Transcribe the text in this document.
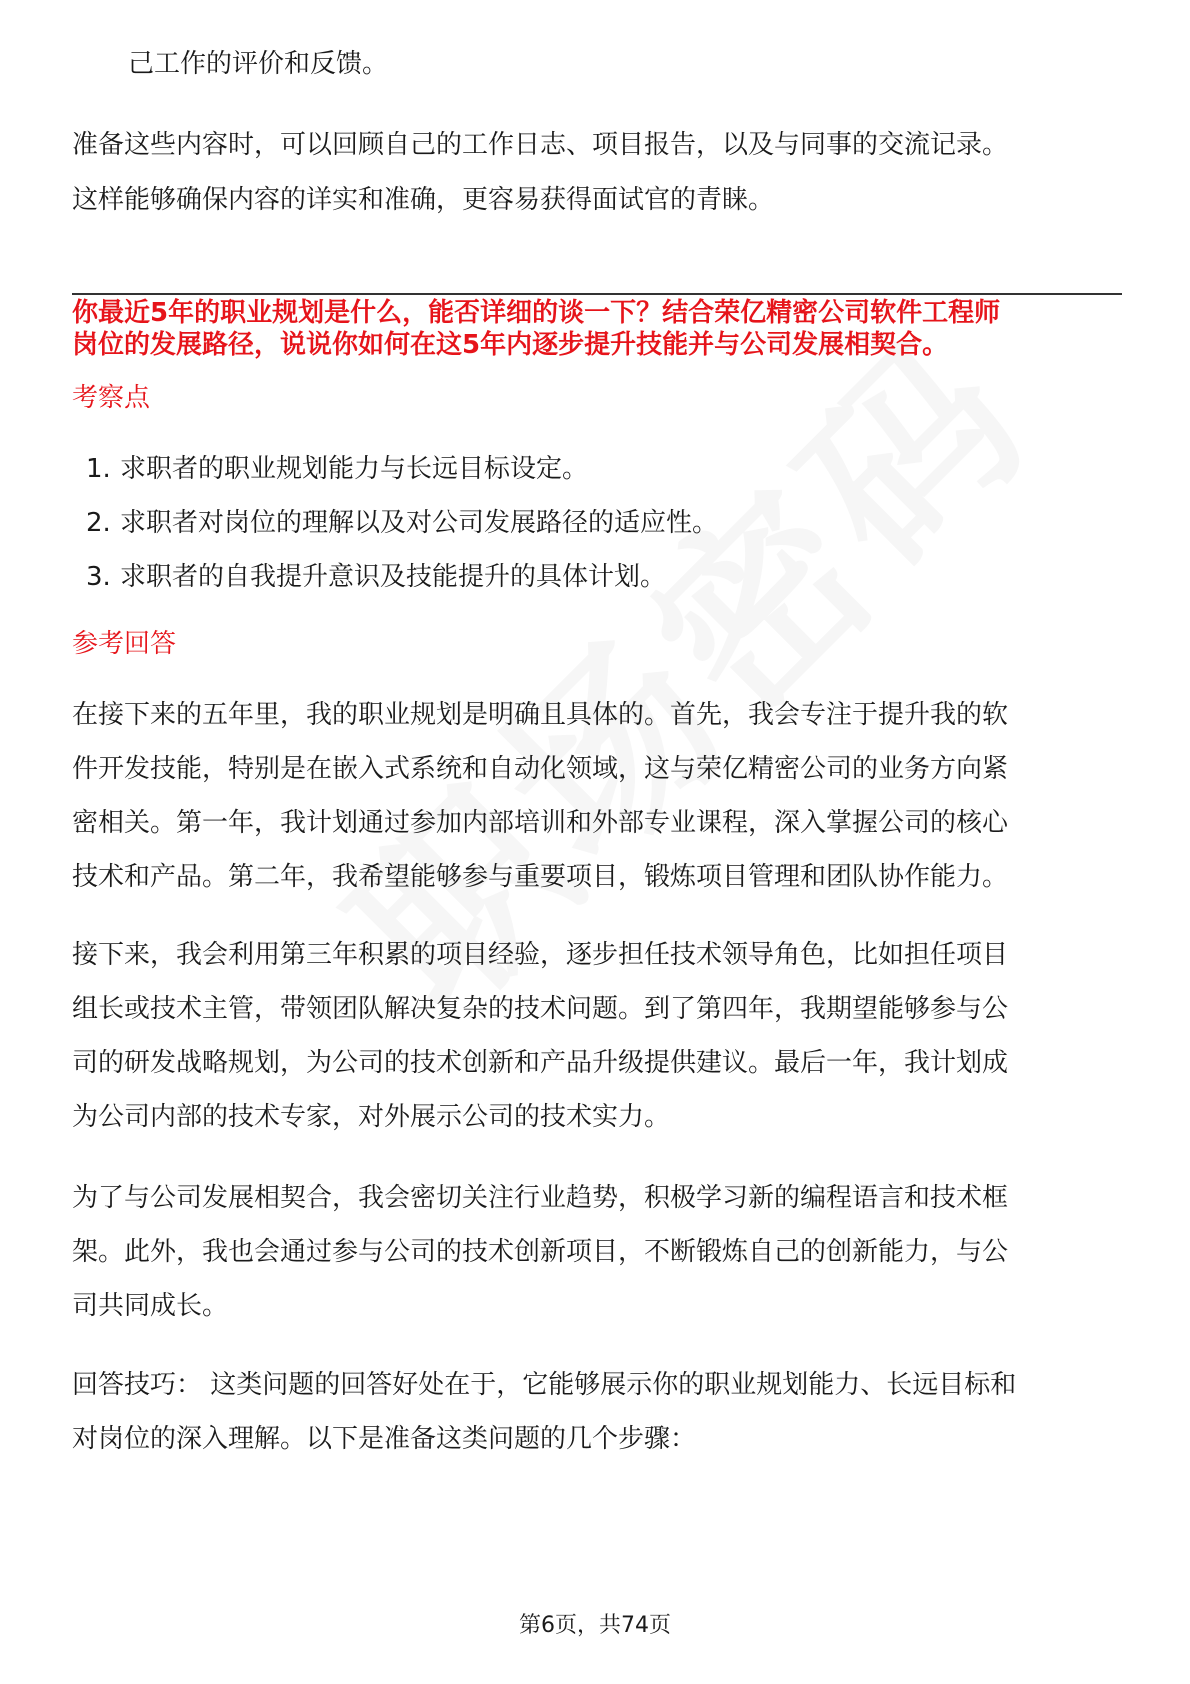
己工作的评价和反馈。
准备这些内容时，可以回顾自己的工作日志、项目报告，以及与同事的交流记录。
这样能够确保内容的详实和准确，更容易获得面试官的青睐。
你最近5年的职业规划是什么，能否详细的谈一下？结合荣亿精密公司软件工程师
岗位的发展路径，说说你如何在这5年内逐步提升技能并与公司发展相契合。
考察点
1. 求职者的职业规划能力与长远目标设定。
2. 求职者对岗位的理解以及对公司发展路径的适应性。
3. 求职者的自我提升意识及技能提升的具体计划。
参考回答
在接下来的五年里，我的职业规划是明确且具体的。首先，我会专注于提升我的软
件开发技能，特别是在嵌入式系统和自动化领域，这与荣亿精密公司的业务方向紧
密相关。第一年，我计划通过参加内部培训和外部专业课程，深入掌握公司的核心
技术和产品。第二年，我希望能够参与重要项目，锻炼项目管理和团队协作能力。
接下来，我会利用第三年积累的项目经验，逐步担任技术领导角色，比如担任项目
组长或技术主管，带领团队解决复杂的技术问题。到了第四年，我期望能够参与公
司的研发战略规划，为公司的技术创新和产品升级提供建议。最后一年，我计划成
为公司内部的技术专家，对外展示公司的技术实力。
为了与公司发展相契合，我会密切关注行业趋势，积极学习新的编程语言和技术框
架。此外，我也会通过参与公司的技术创新项目，不断锻炼自己的创新能力，与公
司共同成长。
回答技巧： 这类问题的回答好处在于，它能够展示你的职业规划能力、长远目标和
对岗位的深入理解。以下是准备这类问题的几个步骤：
第6页，共74页
